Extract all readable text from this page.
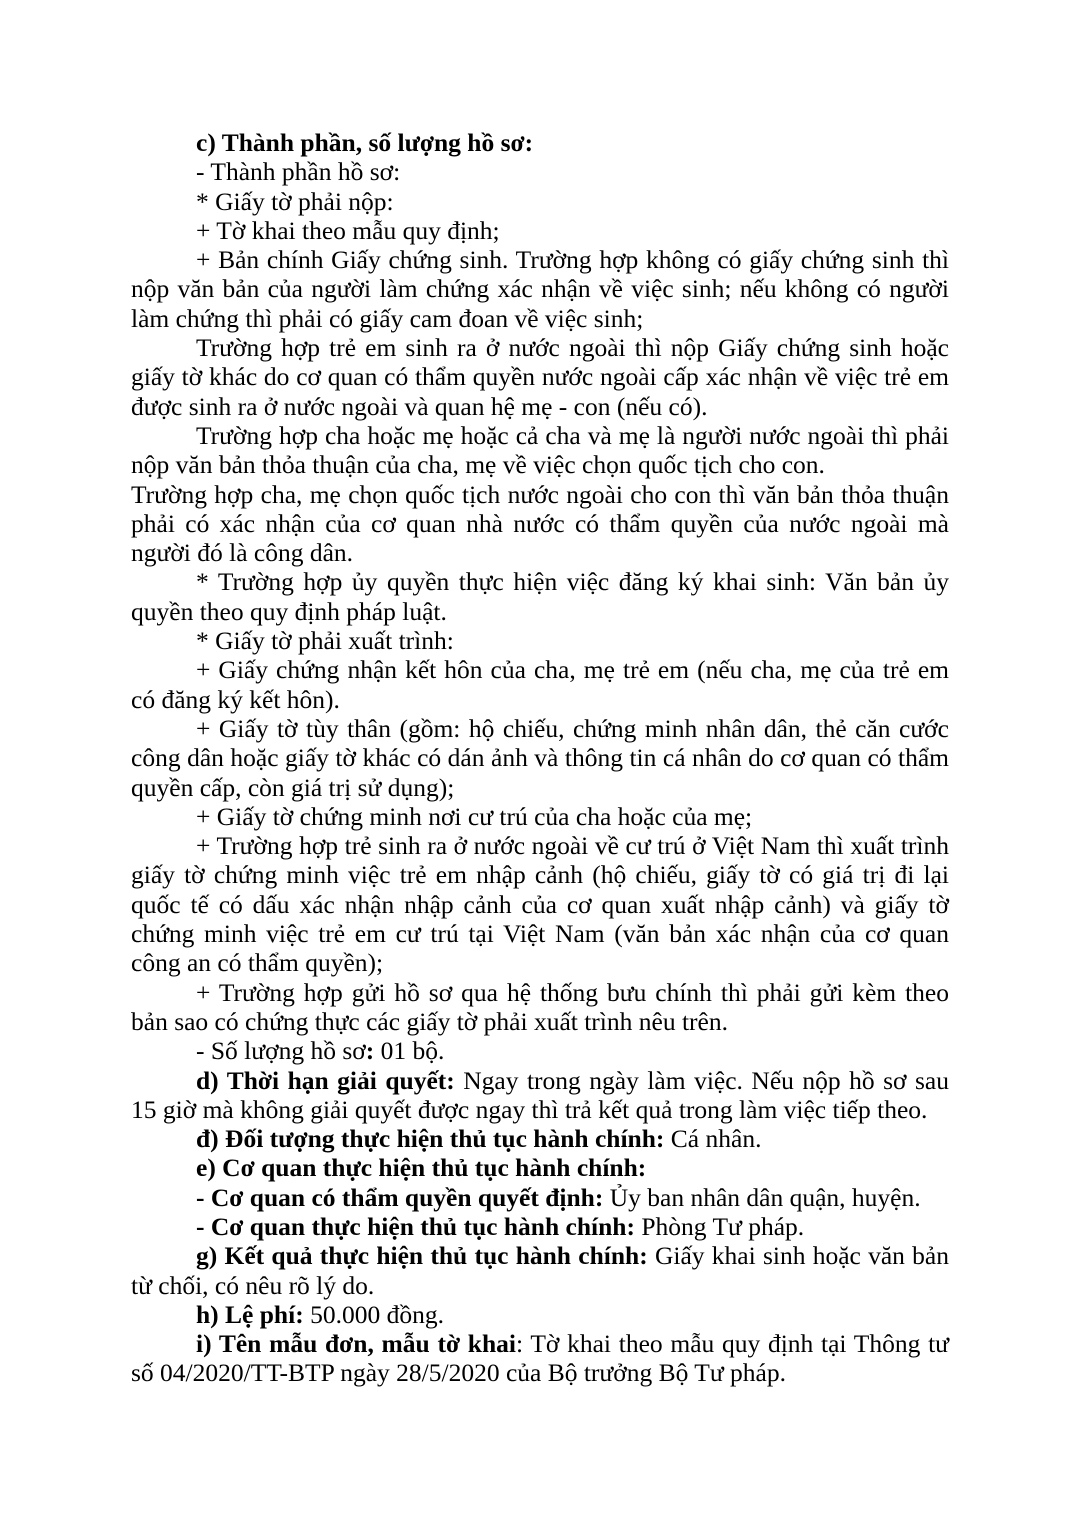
c) Thành phần, số lượng hồ sơ:

- Thành phần hồ sơ:

* Giấy tờ phải nộp:

+ Tờ khai theo mẫu quy định;

+ Bản chính Giấy chứng sinh. Trường hợp không có giấy chứng sinh thì nộp văn bản của người làm chứng xác nhận về việc sinh; nếu không có người làm chứng thì phải có giấy cam đoan về việc sinh;

Trường hợp trẻ em sinh ra ở nước ngoài thì nộp Giấy chứng sinh hoặc giấy tờ khác do cơ quan có thẩm quyền nước ngoài cấp xác nhận về việc trẻ em được sinh ra ở nước ngoài và quan hệ mẹ - con (nếu có).

Trường hợp cha hoặc mẹ hoặc cả cha và mẹ là người nước ngoài thì phải nộp văn bản thỏa thuận của cha, mẹ về việc chọn quốc tịch cho con.

Trường hợp cha, mẹ chọn quốc tịch nước ngoài cho con thì văn bản thỏa thuận phải có xác nhận của cơ quan nhà nước có thẩm quyền của nước ngoài mà người đó là công dân.

* Trường hợp ủy quyền thực hiện việc đăng ký khai sinh: Văn bản ủy quyền theo quy định pháp luật.

* Giấy tờ phải xuất trình:

+ Giấy chứng nhận kết hôn của cha, mẹ trẻ em (nếu cha, mẹ của trẻ em có đăng ký kết hôn).

+ Giấy tờ tùy thân (gồm: hộ chiếu, chứng minh nhân dân, thẻ căn cước công dân hoặc giấy tờ khác có dán ảnh và thông tin cá nhân do cơ quan có thẩm quyền cấp, còn giá trị sử dụng);

+ Giấy tờ chứng minh nơi cư trú của cha hoặc của mẹ;

+ Trường hợp trẻ sinh ra ở nước ngoài về cư trú ở Việt Nam thì xuất trình giấy tờ chứng minh việc trẻ em nhập cảnh (hộ chiếu, giấy tờ có giá trị đi lại quốc tế có dấu xác nhận nhập cảnh của cơ quan xuất nhập cảnh) và giấy tờ chứng minh việc trẻ em cư trú tại Việt Nam (văn bản xác nhận của cơ quan công an có thẩm quyền);

+ Trường hợp gửi hồ sơ qua hệ thống bưu chính thì phải gửi kèm theo bản sao có chứng thực các giấy tờ phải xuất trình nêu trên.

- Số lượng hồ sơ: 01 bộ.

d) Thời hạn giải quyết: Ngay trong ngày làm việc. Nếu nộp hồ sơ sau 15 giờ mà không giải quyết được ngay thì trả kết quả trong làm việc tiếp theo.

đ) Đối tượng thực hiện thủ tục hành chính: Cá nhân.

e) Cơ quan thực hiện thủ tục hành chính:

- Cơ quan có thẩm quyền quyết định: Ủy ban nhân dân quận, huyện.

- Cơ quan thực hiện thủ tục hành chính: Phòng Tư pháp.

g) Kết quả thực hiện thủ tục hành chính: Giấy khai sinh hoặc văn bản từ chối, có nêu rõ lý do.

h) Lệ phí: 50.000 đồng.

i) Tên mẫu đơn, mẫu tờ khai: Tờ khai theo mẫu quy định tại Thông tư số 04/2020/TT-BTP ngày 28/5/2020 của Bộ trưởng Bộ Tư pháp.
